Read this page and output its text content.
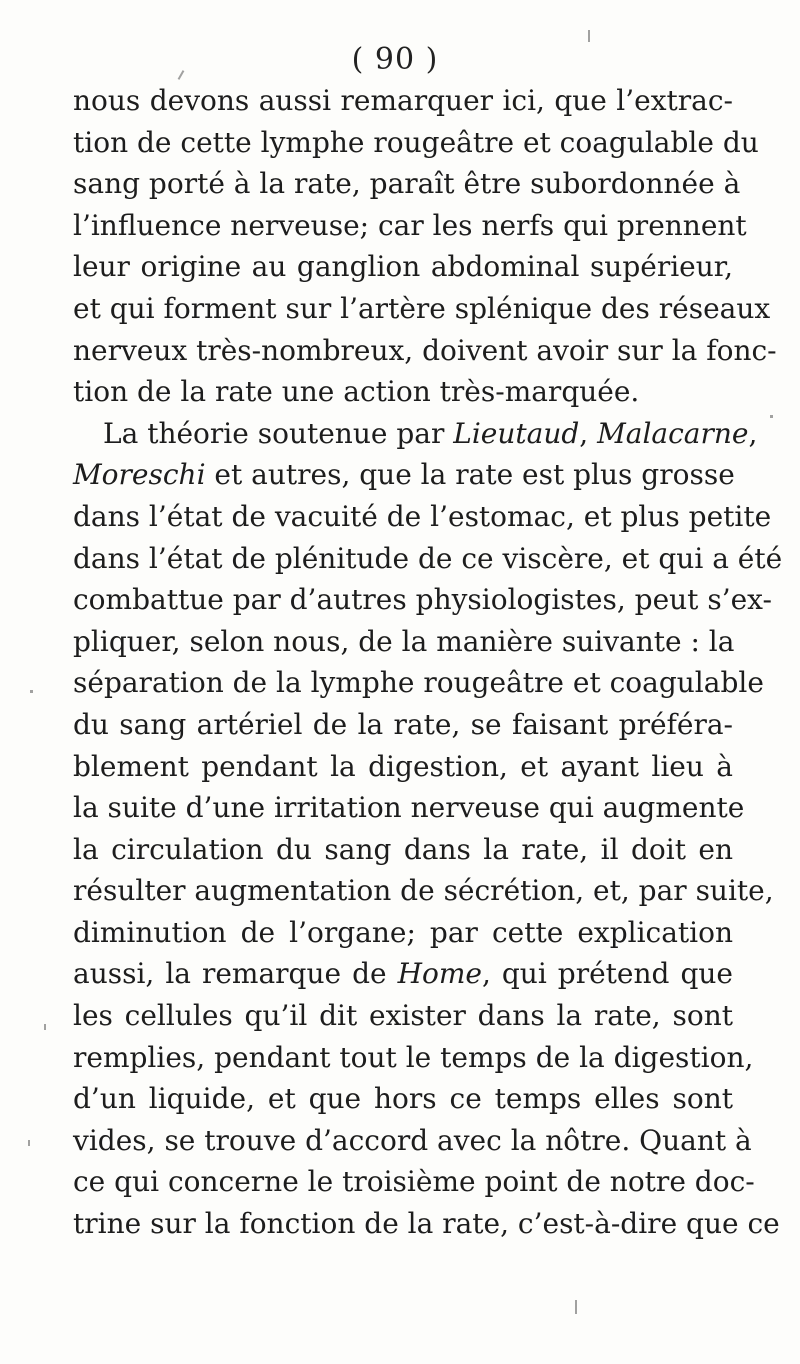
( 90 )
nous devons aussi remarquer ici, que l’extrac-
tion de cette lymphe rougeâtre et coagulable du
sang porté à la rate, paraît être subordonnée à
l’influence nerveuse; car les nerfs qui prennent
leur origine au ganglion abdominal supérieur,
et qui forment sur l’artère splénique des réseaux
nerveux très-nombreux, doivent avoir sur la fonc-
tion de la rate une action très-marquée.
La théorie soutenue par Lieutaud, Malacarne,
Moreschi et autres, que la rate est plus grosse
dans l’état de vacuité de l’estomac, et plus petite
dans l’état de plénitude de ce viscère, et qui a été
combattue par d’autres physiologistes, peut s’ex-
pliquer, selon nous, de la manière suivante : la
séparation de la lymphe rougeâtre et coagulable
du sang artériel de la rate, se faisant préféra-
blement pendant la digestion, et ayant lieu à
la suite d’une irritation nerveuse qui augmente
la circulation du sang dans la rate, il doit en
résulter augmentation de sécrétion, et, par suite,
diminution de l’organe; par cette explication
aussi, la remarque de Home, qui prétend que
les cellules qu’il dit exister dans la rate, sont
remplies, pendant tout le temps de la digestion,
d’un liquide, et que hors ce temps elles sont
vides, se trouve d’accord avec la nôtre. Quant à
ce qui concerne le troisième point de notre doc-
trine sur la fonction de la rate, c’est-à-dire que ce
